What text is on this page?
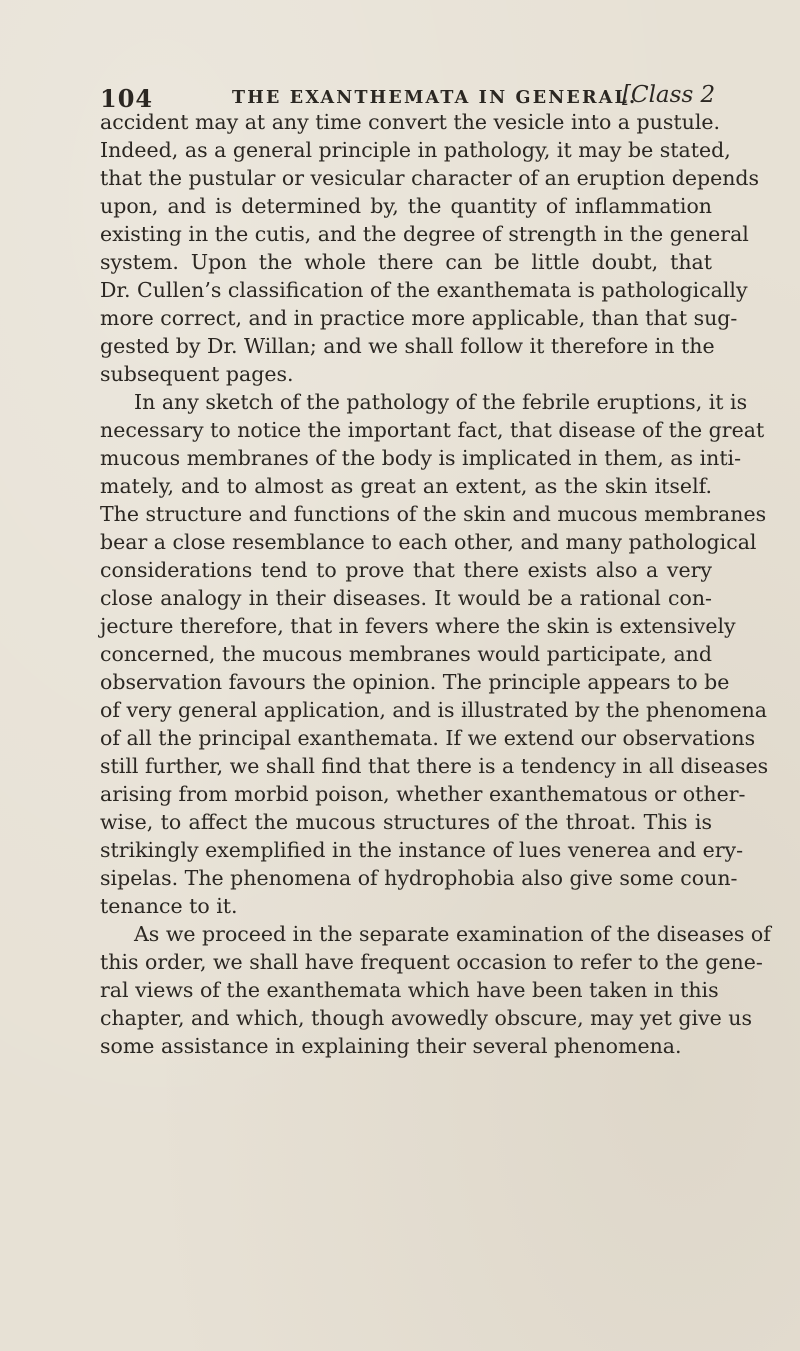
104	THE EXANTHEMATA IN GENERAL.
[Class 2
accident may at any time convert the vesicle into a pustule.
Indeed, as a general principle in pathology, it may be stated,
that the pustular or vesicular character of an eruption depends
upon, and is determined by, the quantity of inflammation
existing in the cutis, and the degree of strength in the general
system. Upon the whole there can be little doubt, that
Dr. Cullen’s classification of the exanthemata is pathologically
more correct, and in practice more applicable, than that sug-
gested by Dr. Willan; and we shall follow it therefore in the
subsequent pages.
In any sketch of the pathology of the febrile eruptions, it is
necessary to notice the important fact, that disease of the great
mucous membranes of the body is implicated in them, as inti-
mately, and to almost as great an extent, as the skin itself.
The structure and functions of the skin and mucous membranes
bear a close resemblance to each other, and many pathological
considerations tend to prove that there exists also a very
close analogy in their diseases. It would be a rational con-
jecture therefore, that in fevers where the skin is extensively
concerned, the mucous membranes would participate, and
observation favours the opinion. The principle appears to be
of very general application, and is illustrated by the phenomena
of all the principal exanthemata. If we extend our observations
still further, we shall find that there is a tendency in all diseases
arising from morbid poison, whether exanthematous or other-
wise, to affect the mucous structures of the throat. This is
strikingly exemplified in the instance of lues venerea and ery-
sipelas. The phenomena of hydrophobia also give some coun-
tenance to it.
As we proceed in the separate examination of the diseases of
this order, we shall have frequent occasion to refer to the gene-
ral views of the exanthemata which have been taken in this
chapter, and which, though avowedly obscure, may yet give us
some assistance in explaining their several phenomena.
